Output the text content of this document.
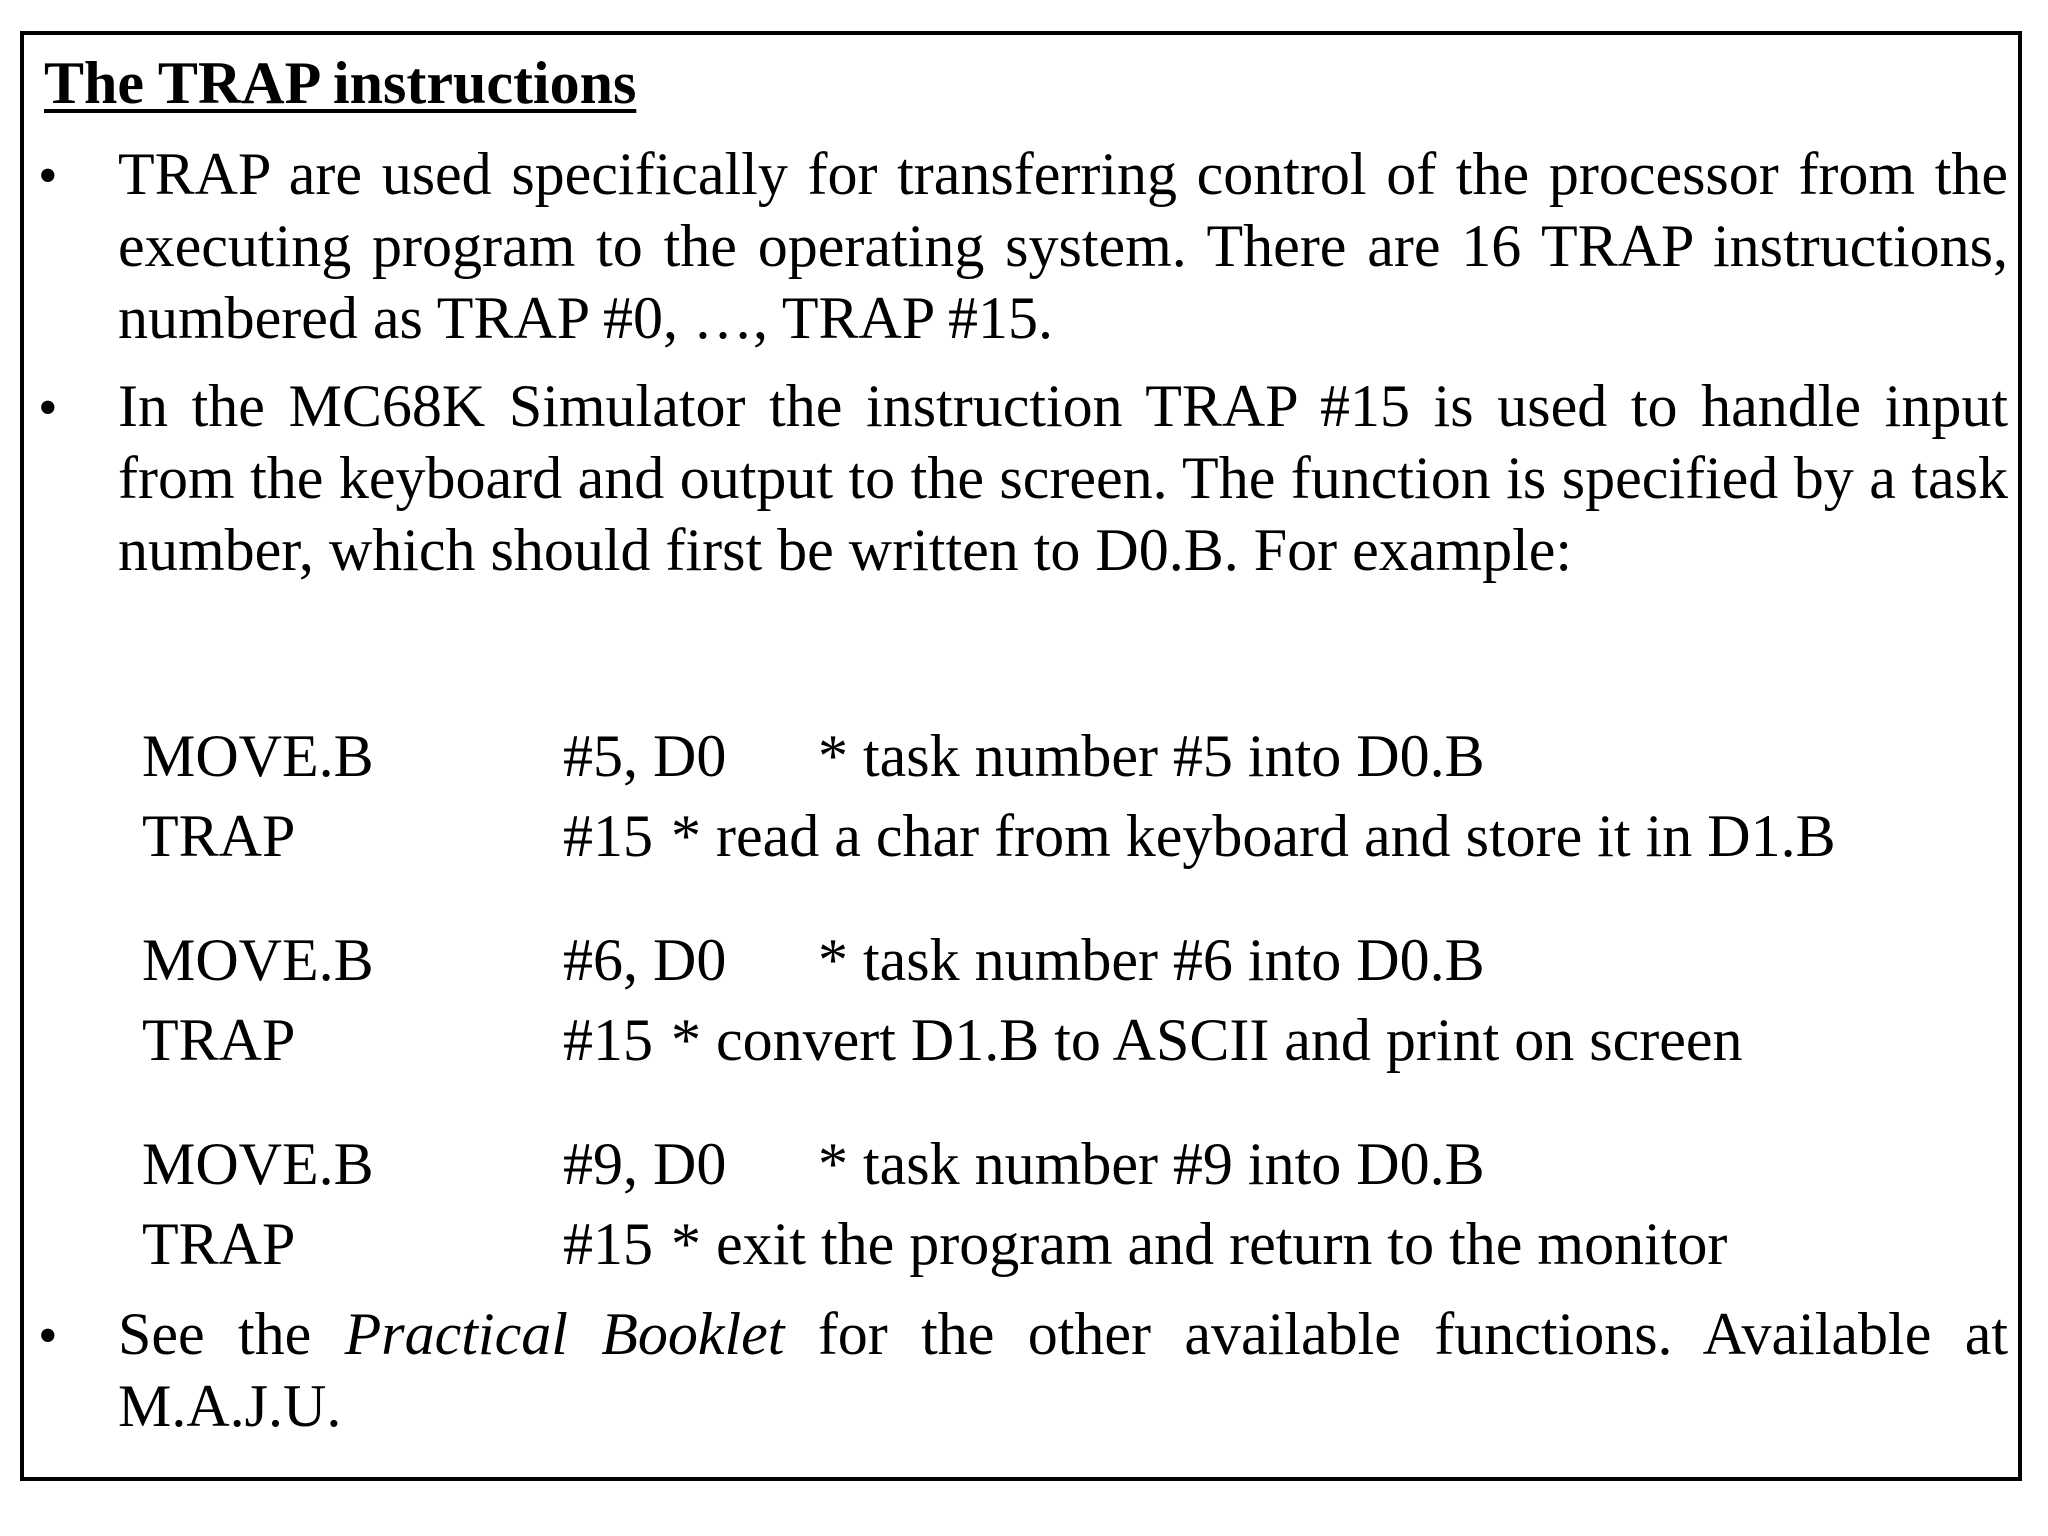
The TRAP instructions
• TRAP are used specifically for transferring control of the processor from the executing program to the operating system. There are 16 TRAP instructions, numbered as TRAP #0, …, TRAP #15.
• In the MC68K Simulator the instruction TRAP #15 is used to handle input from the keyboard and output to the screen. The function is specified by a task number, which should first be written to D0.B. For example:
MOVE.B	#5, D0 * task number #5 into D0.B
TRAP	#15 * read a char from keyboard and store it in D1.B
MOVE.B	#6, D0 * task number #6 into D0.B
TRAP	#15 * convert D1.B to ASCII and print on screen
MOVE.B	#9, D0 * task number #9 into D0.B
TRAP	#15 * exit the program and return to the monitor
• See the Practical Booklet for the other available functions. Available at M.A.J.U.
